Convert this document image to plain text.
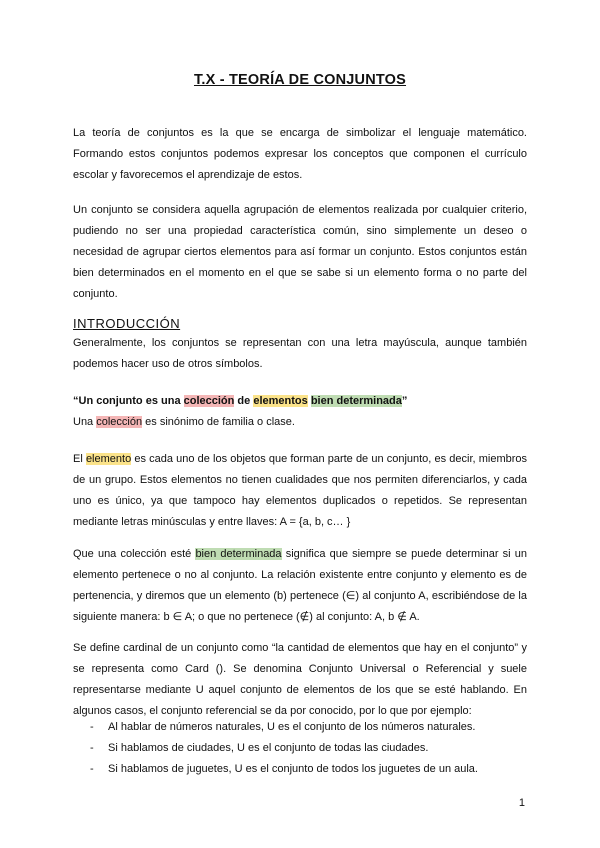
T.X - TEORÍA DE CONJUNTOS

La teoría de conjuntos es la que se encarga de simbolizar el lenguaje matemático. Formando estos conjuntos podemos expresar los conceptos que componen el currículo escolar y favorecemos el aprendizaje de estos.

Un conjunto se considera aquella agrupación de elementos realizada por cualquier criterio, pudiendo no ser una propiedad característica común, sino simplemente un deseo o necesidad de agrupar ciertos elementos para así formar un conjunto. Estos conjuntos están bien determinados en el momento en el que se sabe si un elemento forma o no parte del conjunto.

INTRODUCCIÓN

Generalmente, los conjuntos se representan con una letra mayúscula, aunque también podemos hacer uso de otros símbolos.

“Un conjunto es una colección de elementos bien determinada”
Una colección es sinónimo de familia o clase.

El elemento es cada uno de los objetos que forman parte de un conjunto, es decir, miembros de un grupo. Estos elementos no tienen cualidades que nos permiten diferenciarlos, y cada uno es único, ya que tampoco hay elementos duplicados o repetidos. Se representan mediante letras minúsculas y entre llaves: A = {a, b, c… }

Que una colección esté bien determinada significa que siempre se puede determinar si un elemento pertenece o no al conjunto. La relación existente entre conjunto y elemento es de pertenencia, y diremos que un elemento (b) pertenece (∈) al conjunto A, escribiéndose de la siguiente manera: b ∈ A; o que no pertenece (∉) al conjunto: A, b ∉ A.

Se define cardinal de un conjunto como “la cantidad de elementos que hay en el conjunto” y se representa como Card (). Se denomina Conjunto Universal o Referencial y suele representarse mediante U aquel conjunto de elementos de los que se esté hablando. En algunos casos, el conjunto referencial se da por conocido, por lo que por ejemplo:

- Al hablar de números naturales, U es el conjunto de los números naturales.
- Si hablamos de ciudades, U es el conjunto de todas las ciudades.
- Si hablamos de juguetes, U es el conjunto de todos los juguetes de un aula.
1
